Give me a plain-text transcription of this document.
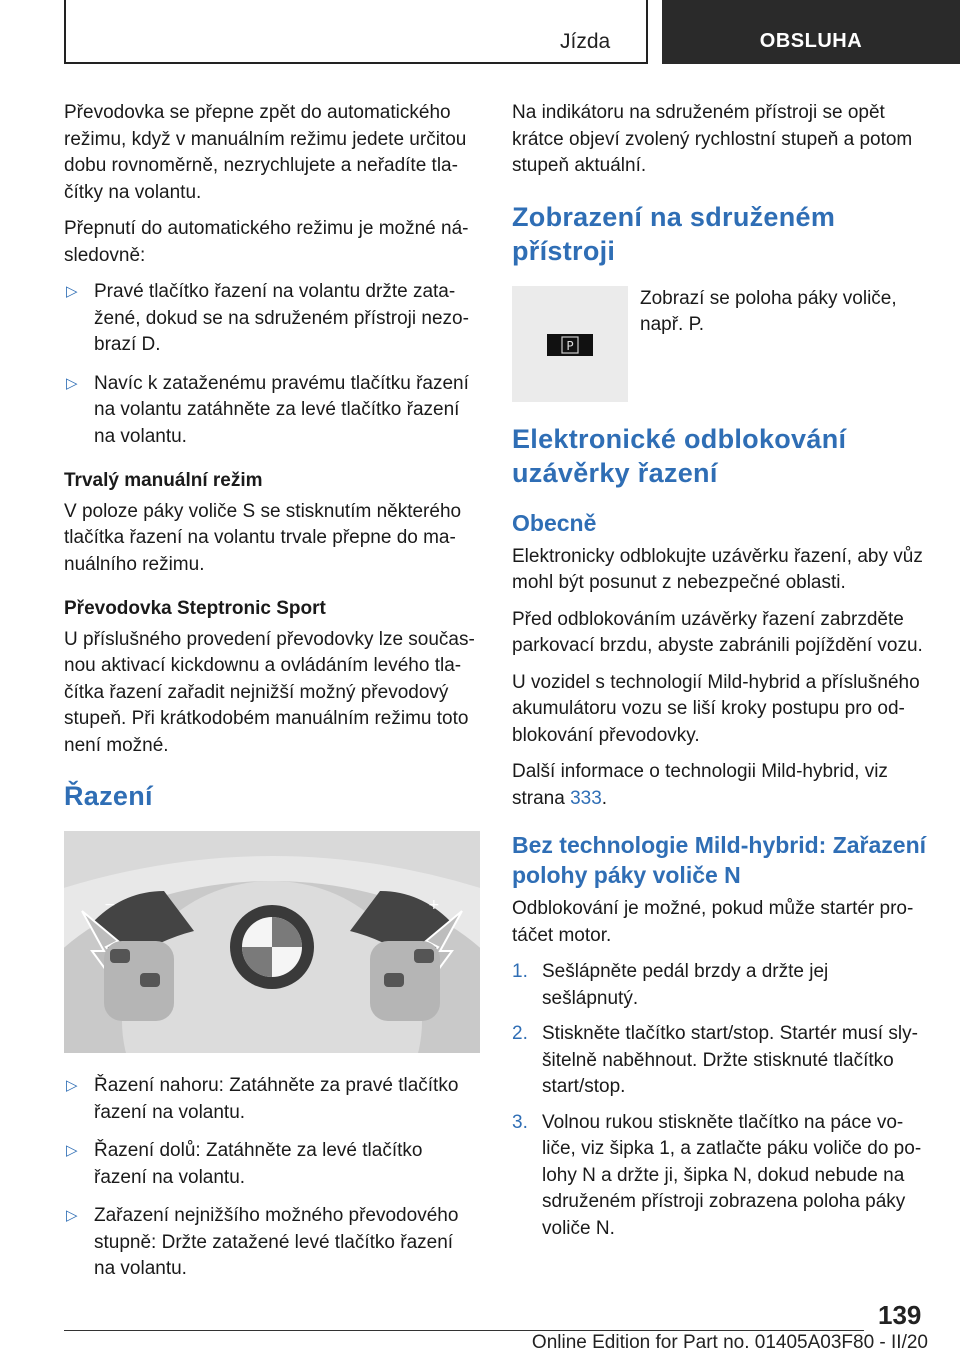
Jízda	OBSLUHA

Převodovka se přepne zpět do automatického režimu, když v manuálním režimu jedete určitou dobu rovnoměrně, nezrychlujete a neřadíte tlačítky na volantu.

Přepnutí do automatického režimu je možné následovně:

▷ Pravé tlačítko řazení na volantu držte zatažené, dokud se na sdruženém přístroji nezobrazí D.
▷ Navíc k zataženému pravému tlačítku řazení na volantu zatáhněte za levé tlačítko řazení na volantu.
Trvalý manuální režim

V poloze páky voliče S se stisknutím některého tlačítka řazení na volantu trvale přepne do manuálního režimu.

Převodovka Steptronic Sport

U příslušného provedení převodovky lze současnou aktivací kickdownu a ovládáním levého tlačítka řazení zařadit nejnižší možný převodový stupeň. Při krátkodobém manuálním režimu toto není možné.

Řazení
−	+
▷ Řazení nahoru: Zatáhněte za pravé tlačítko řazení na volantu.
▷ Řazení dolů: Zatáhněte za levé tlačítko řazení na volantu.
▷ Zařazení nejnižšího možného převodového stupně: Držte zatažené levé tlačítko řazení na volantu.

Na indikátoru na sdruženém přístroji se opět krátce objeví zvolený rychlostní stupeň a potom stupeň aktuální.

Zobrazení na sdruženém přístroji
P
Zobrazí se poloha páky voliče, např. P.
Elektronické odblokování uzávěrky řazení
Obecně

Elektronicky odblokujte uzávěrku řazení, aby vůz mohl být posunut z nebezpečné oblasti.

Před odblokováním uzávěrky řazení zabrzděte parkovací brzdu, abyste zabránili pojíždění vozu.

U vozidel s technologií Mild-hybrid a příslušného akumulátoru vozu se liší kroky postupu pro odblokování převodovky.

Další informace o technologii Mild-hybrid, viz strana 333.

Bez technologie Mild-hybrid: Zařazení polohy páky voliče N

Odblokování je možné, pokud může startér protáčet motor.

1. Sešlápněte pedál brzdy a držte jej sešlápnutý.
2. Stiskněte tlačítko start/stop. Startér musí slyšitelně naběhnout. Držte stisknuté tlačítko start/stop.
3. Volnou rukou stiskněte tlačítko na páce voliče, viz šipka 1, a zatlačte páku voliče do polohy N a držte ji, šipka N, dokud nebude na sdruženém přístroji zobrazena poloha páky voliče N.
139
Online Edition for Part no. 01405A03F80 - II/20
